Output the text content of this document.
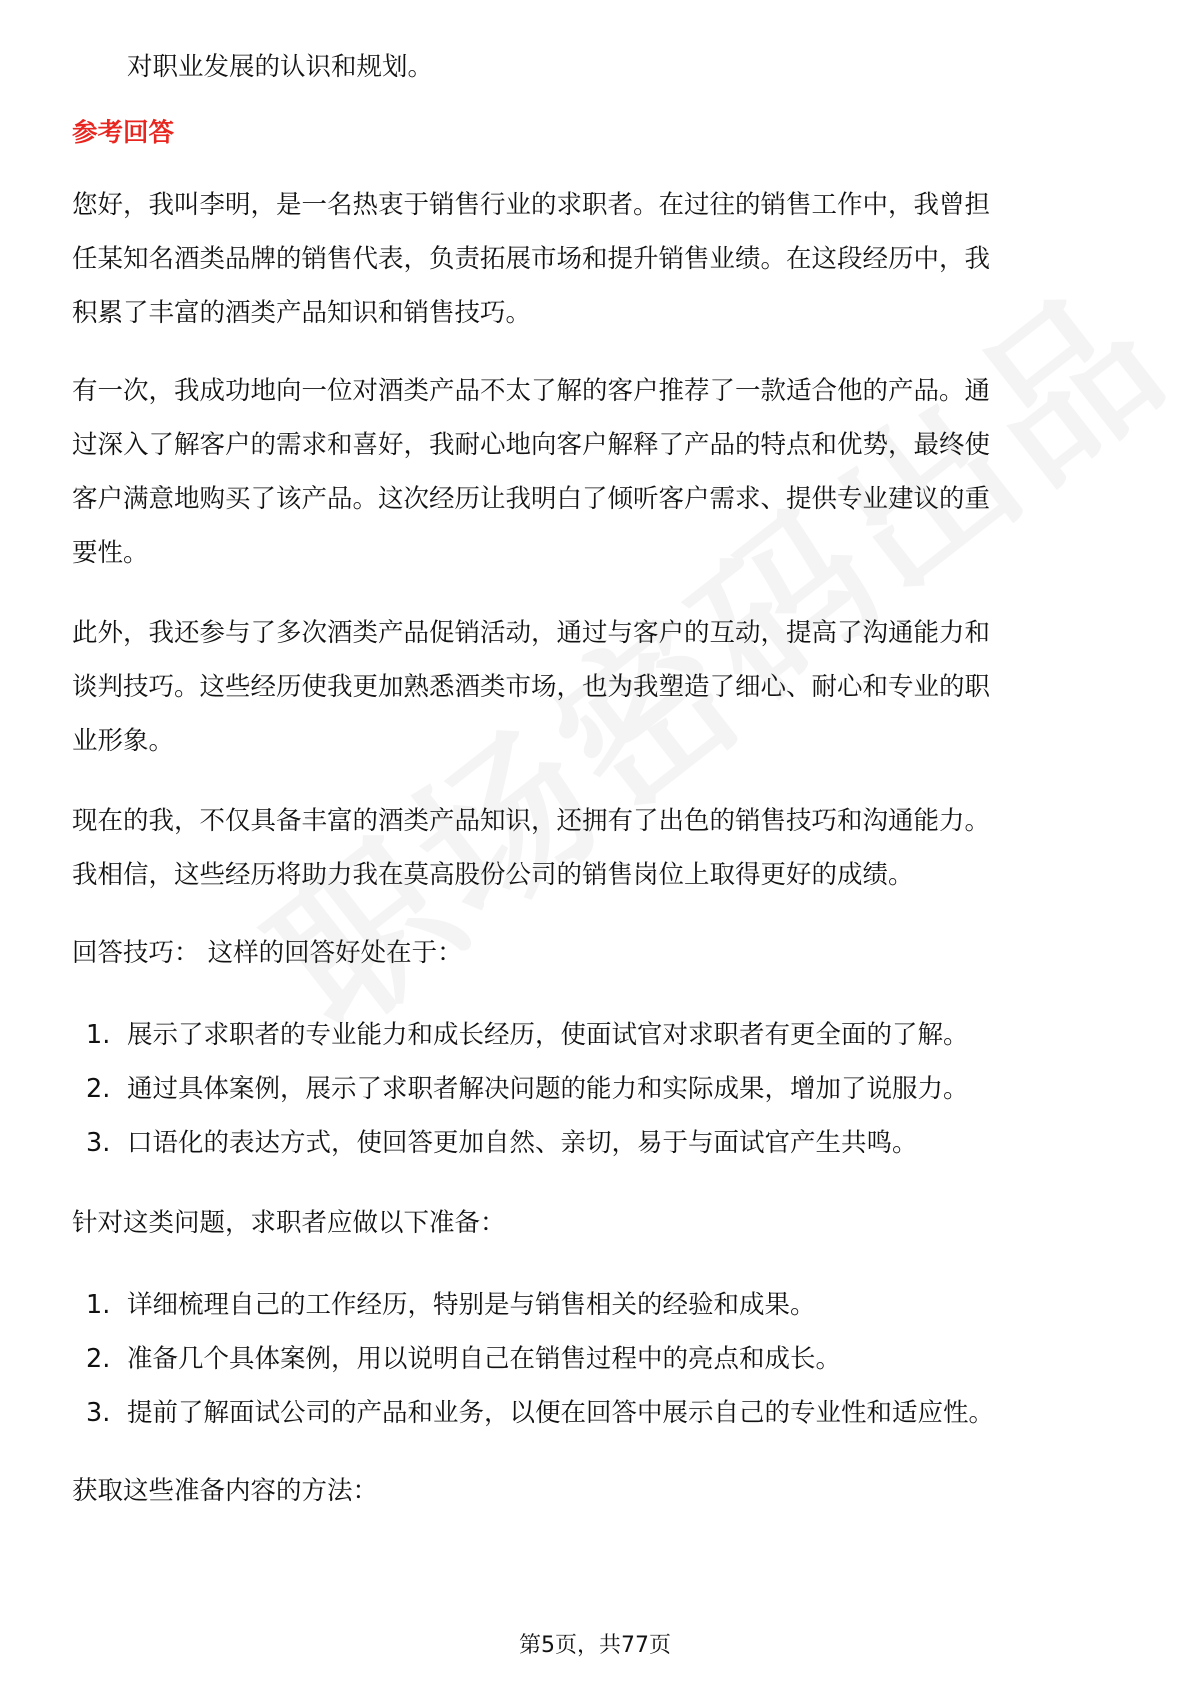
对职业发展的认识和规划。
参考回答
您好，我叫李明，是一名热衷于销售行业的求职者。在过往的销售工作中，我曾担
任某知名酒类品牌的销售代表，负责拓展市场和提升销售业绩。在这段经历中，我
积累了丰富的酒类产品知识和销售技巧。
有一次，我成功地向一位对酒类产品不太了解的客户推荐了一款适合他的产品。通
过深入了解客户的需求和喜好，我耐心地向客户解释了产品的特点和优势，最终使
客户满意地购买了该产品。这次经历让我明白了倾听客户需求、提供专业建议的重
要性。
此外，我还参与了多次酒类产品促销活动，通过与客户的互动，提高了沟通能力和
谈判技巧。这些经历使我更加熟悉酒类市场，也为我塑造了细心、耐心和专业的职
业形象。
现在的我，不仅具备丰富的酒类产品知识，还拥有了出色的销售技巧和沟通能力。
我相信，这些经历将助力我在莫高股份公司的销售岗位上取得更好的成绩。
回答技巧： 这样的回答好处在于：
1. 展示了求职者的专业能力和成长经历，使面试官对求职者有更全面的了解。
2. 通过具体案例，展示了求职者解决问题的能力和实际成果，增加了说服力。
3. 口语化的表达方式，使回答更加自然、亲切，易于与面试官产生共鸣。
针对这类问题，求职者应做以下准备：
1. 详细梳理自己的工作经历，特别是与销售相关的经验和成果。
2. 准备几个具体案例，用以说明自己在销售过程中的亮点和成长。
3. 提前了解面试公司的产品和业务，以便在回答中展示自己的专业性和适应性。
获取这些准备内容的方法：
第5页，共77页
